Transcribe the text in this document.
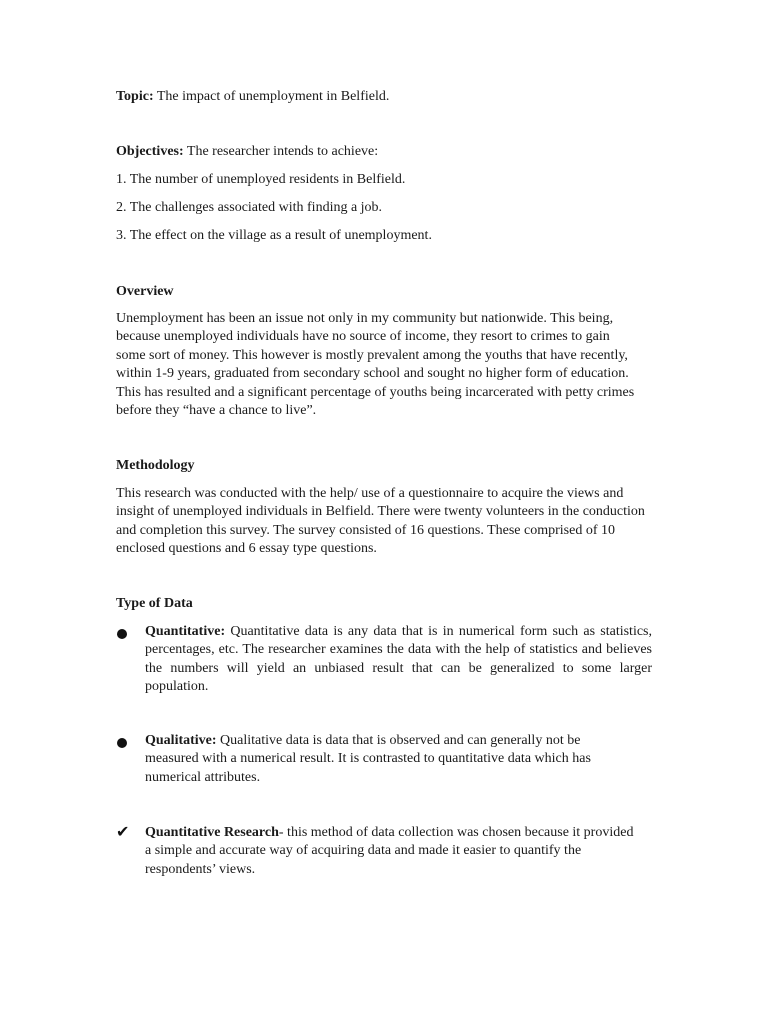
Topic: The impact of unemployment in Belfield.
Objectives: The researcher intends to achieve:
1. The number of unemployed residents in Belfield.
2. The challenges associated with finding a job.
3. The effect on the village as a result of unemployment.
Overview
Unemployment has been an issue not only in my community but nationwide. This being, because unemployed individuals have no source of income, they resort to crimes to gain some sort of money. This however is mostly prevalent among the youths that have recently, within 1-9 years, graduated from secondary school and sought no higher form of education. This has resulted and a significant percentage of youths being incarcerated with petty crimes before they “have a chance to live”.
Methodology
This research was conducted with the help/ use of a questionnaire to acquire the views and insight of unemployed individuals in Belfield. There were twenty volunteers in the conduction and completion this survey. The survey consisted of 16 questions. These comprised of 10 enclosed questions and 6 essay type questions.
Type of Data
Quantitative: Quantitative data is any data that is in numerical form such as statistics, percentages, etc. The researcher examines the data with the help of statistics and believes the numbers will yield an unbiased result that can be generalized to some larger population.
Qualitative: Qualitative data is data that is observed and can generally not be measured with a numerical result. It is contrasted to quantitative data which has numerical attributes.
✔ Quantitative Research- this method of data collection was chosen because it provided a simple and accurate way of acquiring data and made it easier to quantify the respondents’ views.
